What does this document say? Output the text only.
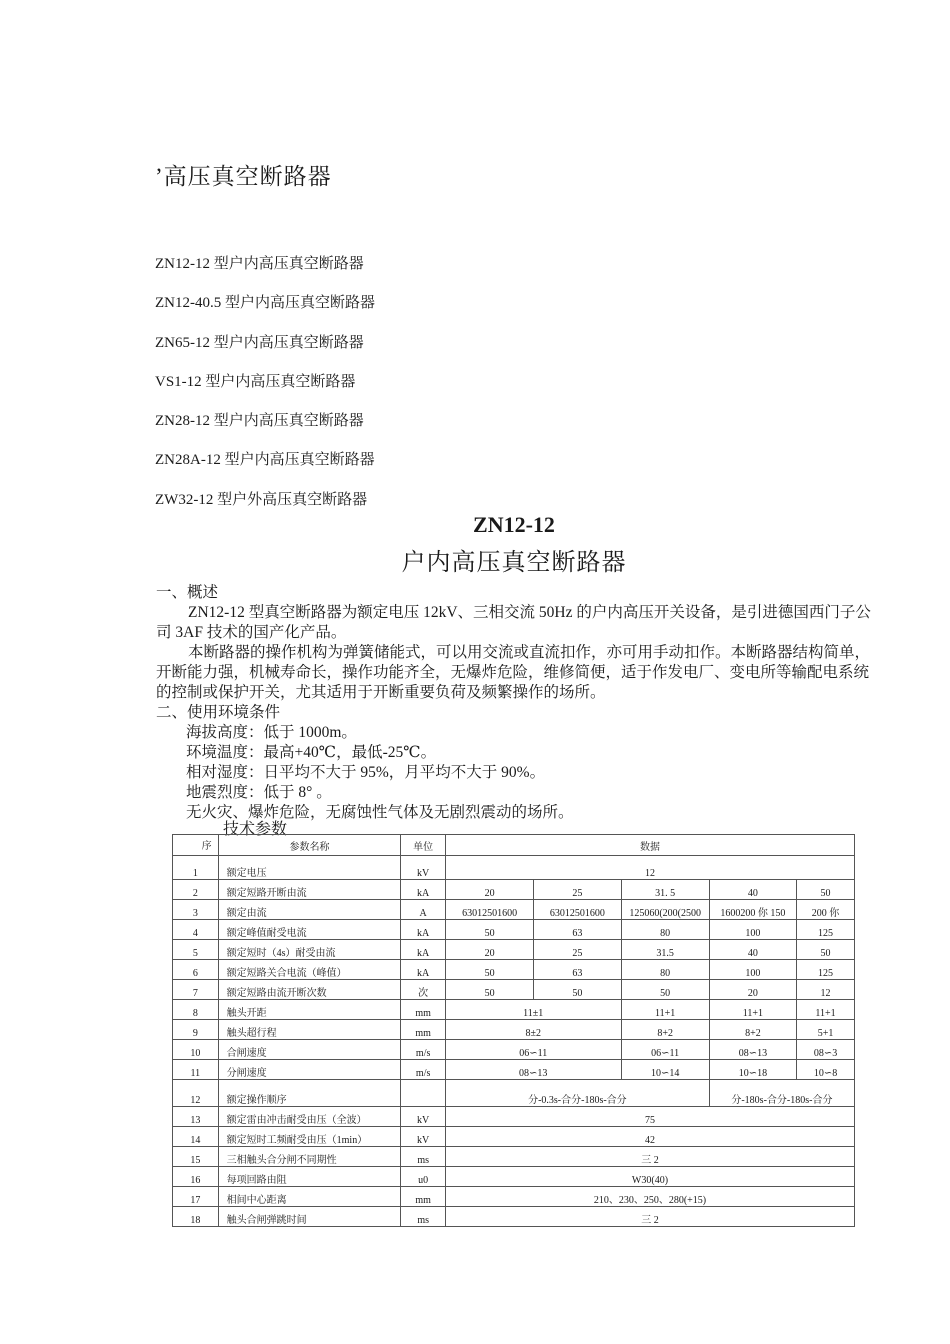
’高压真空断路器
ZN12-12 型户内高压真空断路器
ZN12-40.5 型户内高压真空断路器
ZN65-12 型户内高压真空断路器
VS1-12 型户内高压真空断路器
ZN28-12 型户内高压真空断路器
ZN28A-12 型户内高压真空断路器
ZW32-12 型户外高压真空断路器
ZN12-12
户内高压真空断路器

一、概述

ZN12-12 型真空断路器为额定电压 12kV、三相交流 50Hz 的户内高压开关设备，是引进德国西门子公司 3AF 技术的国产化产品。

本断路器的操作机构为弹簧储能式，可以用交流或直流扣作，亦可用手动扣作。本断路器结构简单，开断能力强，机械寿命长，操作功能齐全，无爆炸危险，维修简便，适于作发电厂、变电所等输配电系统的控制或保护开关，尤其适用于开断重要负荷及频繁操作的场所。

二、使用环境条件

海拔高度：低于 1000m。

环境温度：最高+40℃，最低-25℃。

相对湿度：日平均不大于 95%，月平均不大于 90%。

地震烈度：低于 8° 。

无火灾、爆炸危险，无腐蚀性气体及无剧烈震动的场所。

技术参数
序	参数名称	单位	数据				
1	额定电压	kV	12				
2	额定短路开断由流	kA	20	25	31. 5	40	50
3	额定由流	A	63012501600	63012501600	125060(200(2500	1600200 你 150	200 你
4	额定峰值耐受电流	kA	50	63	80	100	125
5	额定短时（4s）耐受由流	kA	20	25	31.5	40	50
6	额定短路关合电流（峰值）	kA	50	63	80	100	125
7	额定短路由流开断次数	次	50	50	50	20	12
8	触头开距	mm	11±1		11+1	11+1	11+1
9	触头超行程	mm	8±2		8+2	8+2	5+1
10	合闸速度	m/s	06∽11		06∽11	08∽13	08∽3
11	分闸速度	m/s	08∽13		10∽14	10∽18	10∽8
12	额定操作顺序		分-0.3s-合分-180s-合分			分-180s-合分-180s-合分	
13	额定雷由冲击耐受由压（全波）	kV	75				
14	额定短时工频耐受由压（1min）	kV	42				
15	三相触头合分闸不同期性	ms	三 2				
16	每项回路由阻	u0	W30(40)				
17	相间中心距离	mm	210、230、250、280(+15)				
18	触头合闸弹跳时间	ms	三 2				
